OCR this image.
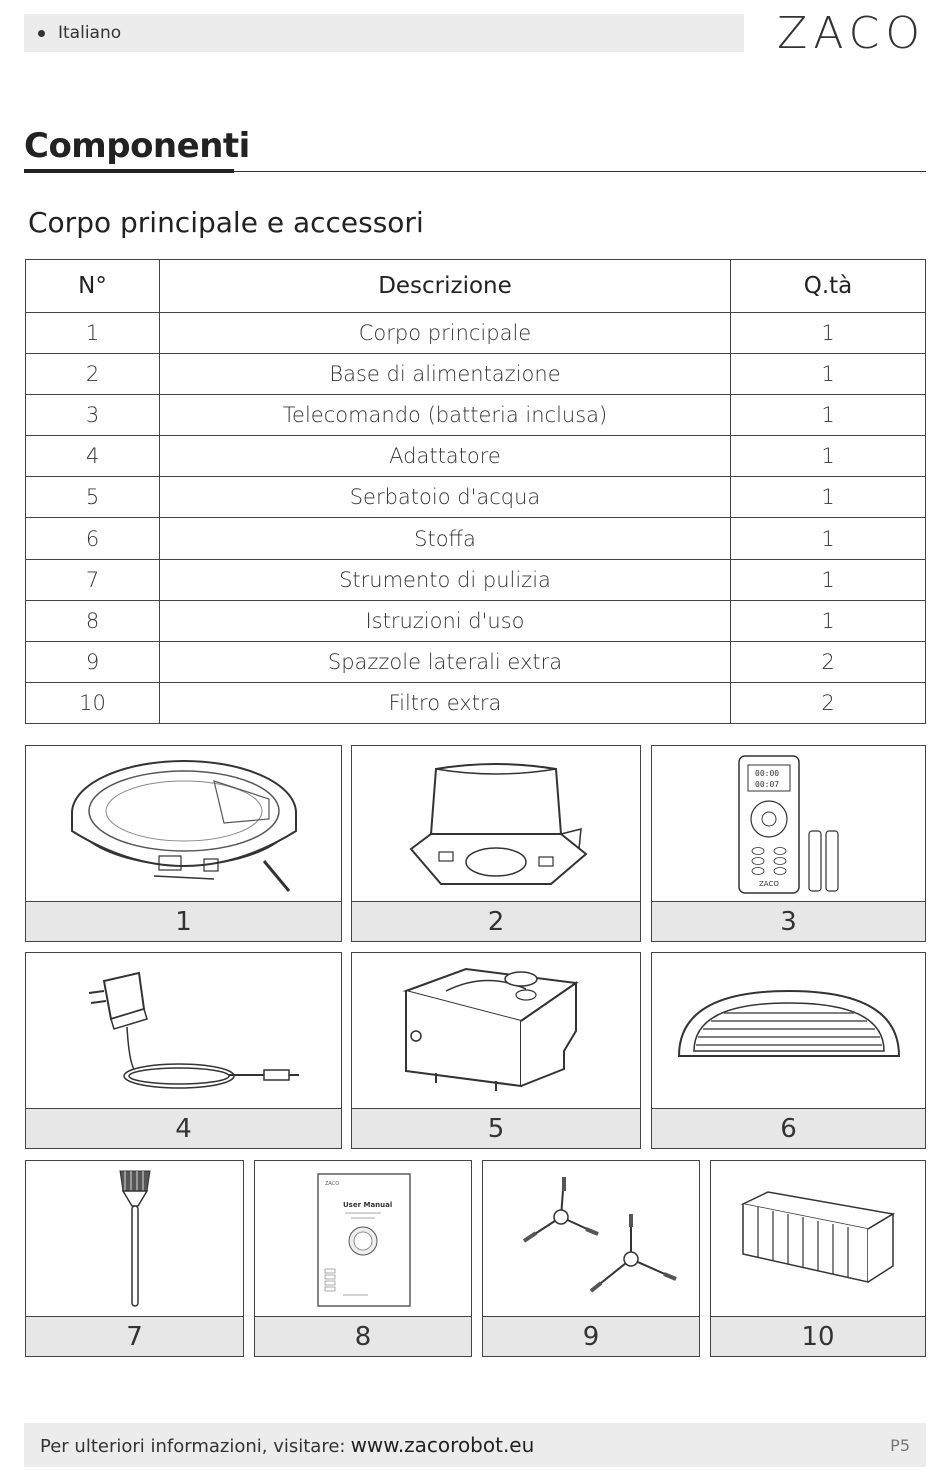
Italiano	ZACO
Componenti
Corpo principale e accessori
N°	Descrizione	Q.tà
1	Corpo principale	1
2	Base di alimentazione	1
3	Telecomando (batteria inclusa)	1
4	Adattatore	1
5	Serbatoio d'acqua	1
6	Stoffa	1
7	Strumento di pulizia	1
8	Istruzioni d'uso	1
9	Spazzole laterali extra	2
10	Filtro extra	2
1	2
00:00
00:07
ZACO
3
4	5	6
7
ZACO
User Manual
8	9	10
Per ulteriori informazioni, visitare: www.zacorobot.eu	P5
